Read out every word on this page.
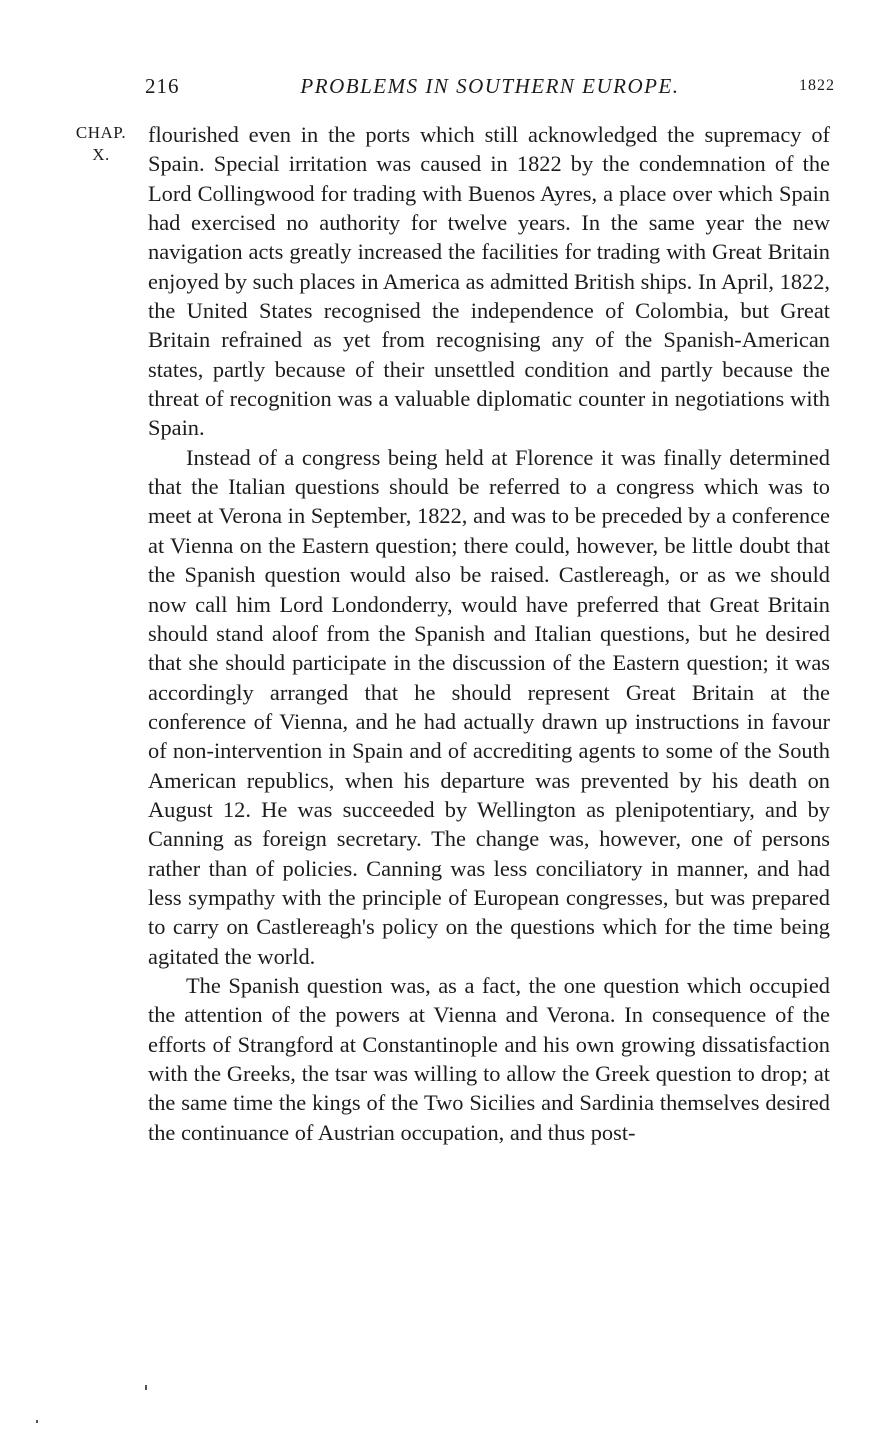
216	PROBLEMS IN SOUTHERN EUROPE.	1822
CHAP.
X.

flourished even in the ports which still acknowledged the supremacy of Spain. Special irritation was caused in 1822 by the condemnation of the Lord Collingwood for trading with Buenos Ayres, a place over which Spain had exercised no authority for twelve years. In the same year the new navigation acts greatly increased the facilities for trading with Great Britain enjoyed by such places in America as admitted British ships. In April, 1822, the United States recognised the independence of Colombia, but Great Britain refrained as yet from recognising any of the Spanish-American states, partly because of their unsettled condition and partly because the threat of recognition was a valuable diplomatic counter in negotiations with Spain.

Instead of a congress being held at Florence it was finally determined that the Italian questions should be referred to a congress which was to meet at Verona in September, 1822, and was to be preceded by a conference at Vienna on the Eastern question; there could, however, be little doubt that the Spanish question would also be raised. Castlereagh, or as we should now call him Lord Londonderry, would have preferred that Great Britain should stand aloof from the Spanish and Italian questions, but he desired that she should participate in the discussion of the Eastern question; it was accordingly arranged that he should represent Great Britain at the conference of Vienna, and he had actually drawn up instructions in favour of non-intervention in Spain and of accrediting agents to some of the South American republics, when his departure was prevented by his death on August 12. He was succeeded by Wellington as plenipotentiary, and by Canning as foreign secretary. The change was, however, one of persons rather than of policies. Canning was less conciliatory in manner, and had less sympathy with the principle of European congresses, but was prepared to carry on Castlereagh's policy on the questions which for the time being agitated the world.

The Spanish question was, as a fact, the one question which occupied the attention of the powers at Vienna and Verona. In consequence of the efforts of Strangford at Constantinople and his own growing dissatisfaction with the Greeks, the tsar was willing to allow the Greek question to drop; at the same time the kings of the Two Sicilies and Sardinia themselves desired the continuance of Austrian occupation, and thus post-
